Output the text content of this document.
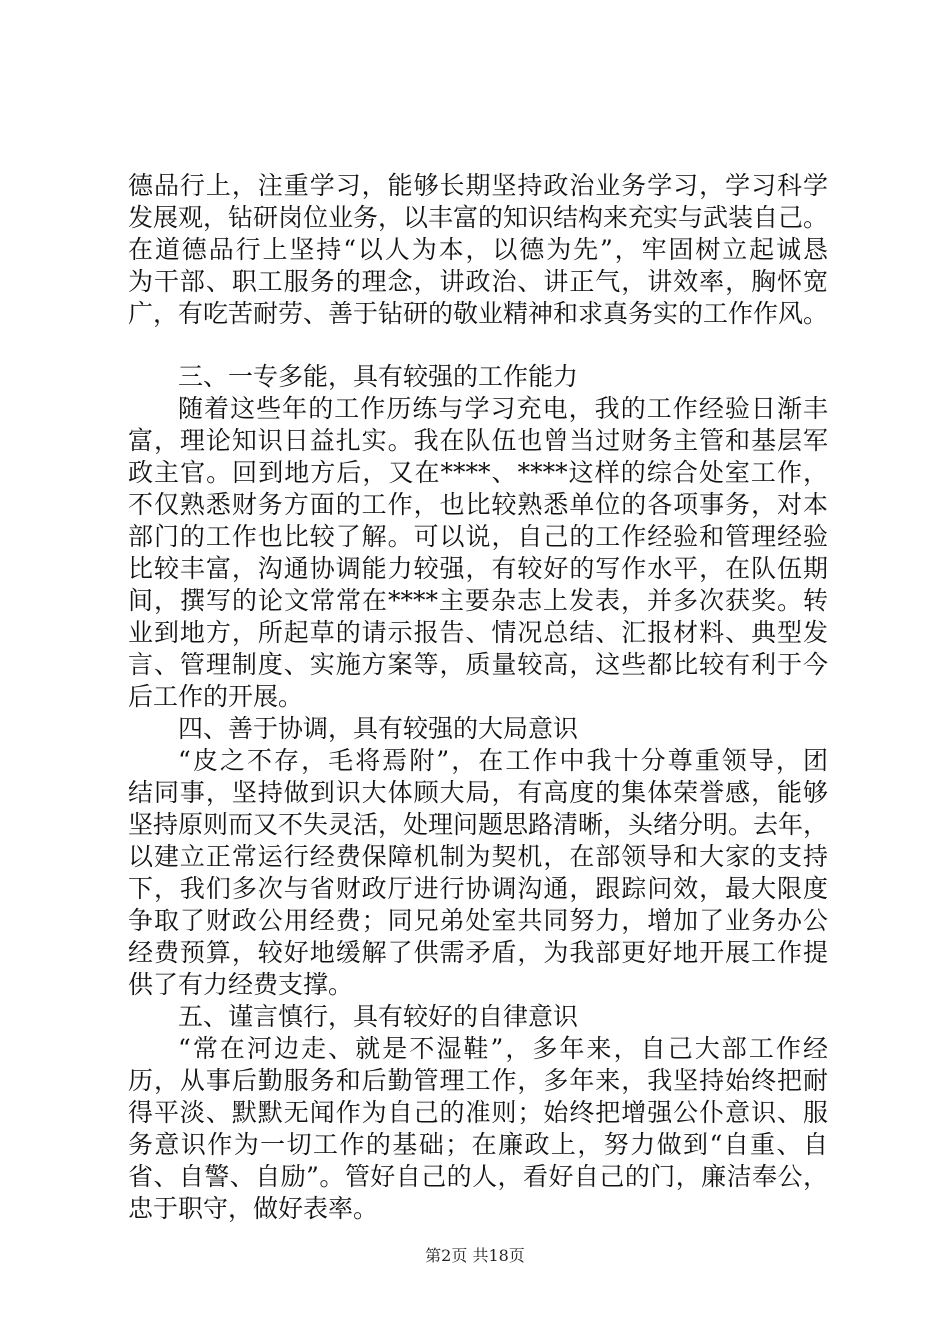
德品行上，注重学习，能够长期坚持政治业务学习，学习科学
发展观，钻研岗位业务，以丰富的知识结构来充实与武装自己。
在道德品行上坚持“以人为本，以德为先”，牢固树立起诚恳
为干部、职工服务的理念，讲政治、讲正气，讲效率，胸怀宽
广，有吃苦耐劳、善于钻研的敬业精神和求真务实的工作作风。
三、一专多能，具有较强的工作能力
随着这些年的工作历练与学习充电，我的工作经验日渐丰
富，理论知识日益扎实。我在队伍也曾当过财务主管和基层军
政主官。回到地方后，又在****、****这样的综合处室工作，
不仅熟悉财务方面的工作，也比较熟悉单位的各项事务，对本
部门的工作也比较了解。可以说，自己的工作经验和管理经验
比较丰富，沟通协调能力较强，有较好的写作水平，在队伍期
间，撰写的论文常常在****主要杂志上发表，并多次获奖。转
业到地方，所起草的请示报告、情况总结、汇报材料、典型发
言、管理制度、实施方案等，质量较高，这些都比较有利于今
后工作的开展。
四、善于协调，具有较强的大局意识
“皮之不存，毛将焉附”，在工作中我十分尊重领导，团
结同事，坚持做到识大体顾大局，有高度的集体荣誉感，能够
坚持原则而又不失灵活，处理问题思路清晰，头绪分明。去年，
以建立正常运行经费保障机制为契机，在部领导和大家的支持
下，我们多次与省财政厅进行协调沟通，跟踪问效，最大限度
争取了财政公用经费；同兄弟处室共同努力，增加了业务办公
经费预算，较好地缓解了供需矛盾，为我部更好地开展工作提
供了有力经费支撑。
五、谨言慎行，具有较好的自律意识
“常在河边走、就是不湿鞋”，多年来，自己大部工作经
历，从事后勤服务和后勤管理工作，多年来，我坚持始终把耐
得平淡、默默无闻作为自己的准则；始终把增强公仆意识、服
务意识作为一切工作的基础；在廉政上，努力做到“自重、自
省、自警、自励”。管好自己的人，看好自己的门，廉洁奉公，
忠于职守，做好表率。
第2页 共18页
